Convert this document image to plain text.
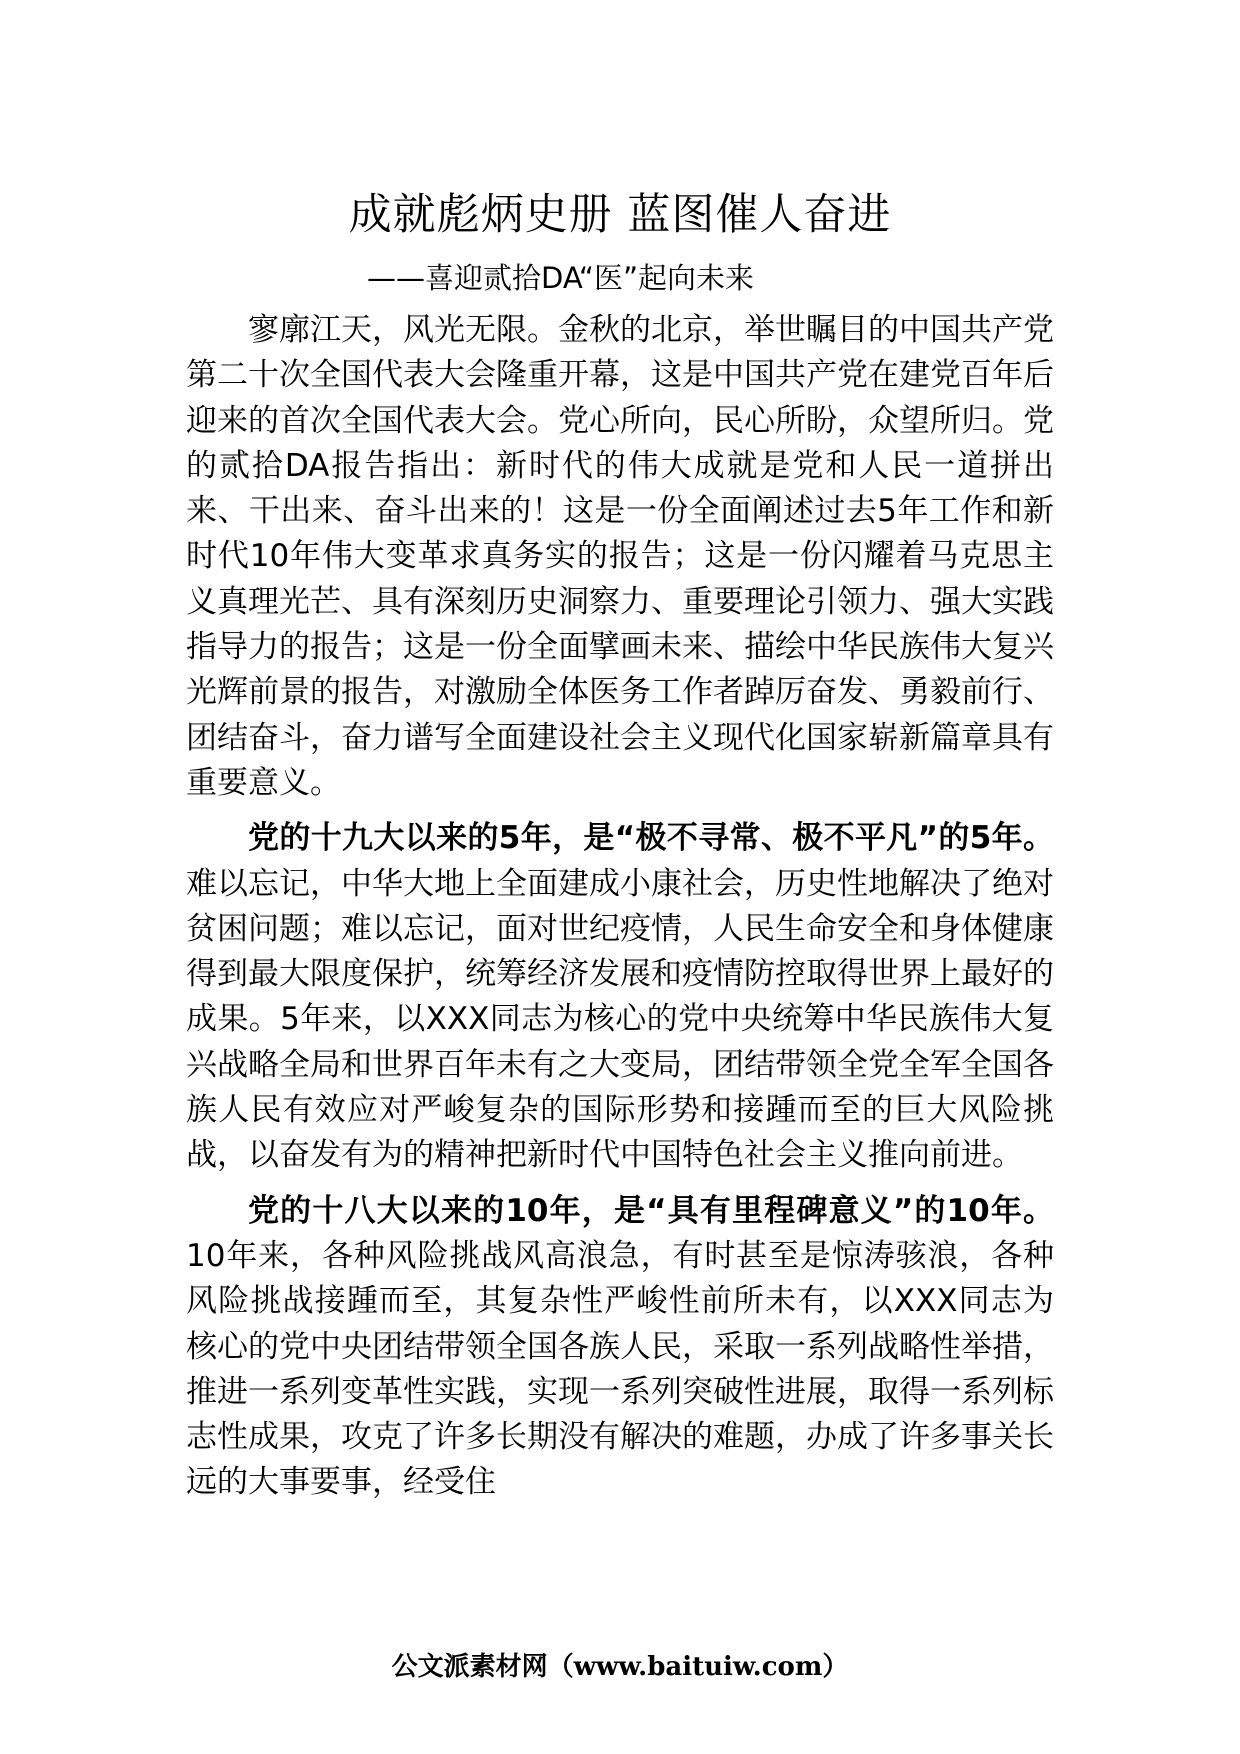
成就彪炳史册 蓝图催人奋进
——喜迎贰拾DA“医”起向未来

寥廓江天，风光无限。金秋的北京，举世瞩目的中国共产党第二十次全国代表大会隆重开幕，这是中国共产党在建党百年后迎来的首次全国代表大会。党心所向，民心所盼，众望所归。党的贰拾DA报告指出：新时代的伟大成就是党和人民一道拼出来、干出来、奋斗出来的！这是一份全面阐述过去5年工作和新时代10年伟大变革求真务实的报告；这是一份闪耀着马克思主义真理光芒、具有深刻历史洞察力、重要理论引领力、强大实践指导力的报告；这是一份全面擘画未来、描绘中华民族伟大复兴光辉前景的报告，对激励全体医务工作者踔厉奋发、勇毅前行、团结奋斗，奋力谱写全面建设社会主义现代化国家崭新篇章具有重要意义。

党的十九大以来的5年，是“极不寻常、极不平凡”的5年。难以忘记，中华大地上全面建成小康社会，历史性地解决了绝对贫困问题；难以忘记，面对世纪疫情，人民生命安全和身体健康得到最大限度保护，统筹经济发展和疫情防控取得世界上最好的成果。5年来，以XXX同志为核心的党中央统筹中华民族伟大复兴战略全局和世界百年未有之大变局，团结带领全党全军全国各族人民有效应对严峻复杂的国际形势和接踵而至的巨大风险挑战，以奋发有为的精神把新时代中国特色社会主义推向前进。

党的十八大以来的10年，是“具有里程碑意义”的10年。10年来，各种风险挑战风高浪急，有时甚至是惊涛骇浪，各种风险挑战接踵而至，其复杂性严峻性前所未有，以XXX同志为核心的党中央团结带领全国各族人民，采取一系列战略性举措，推进一系列变革性实践，实现一系列突破性进展，取得一系列标志性成果，攻克了许多长期没有解决的难题，办成了许多事关长远的大事要事，经受住

公文派素材网（www.baituiw.com）
